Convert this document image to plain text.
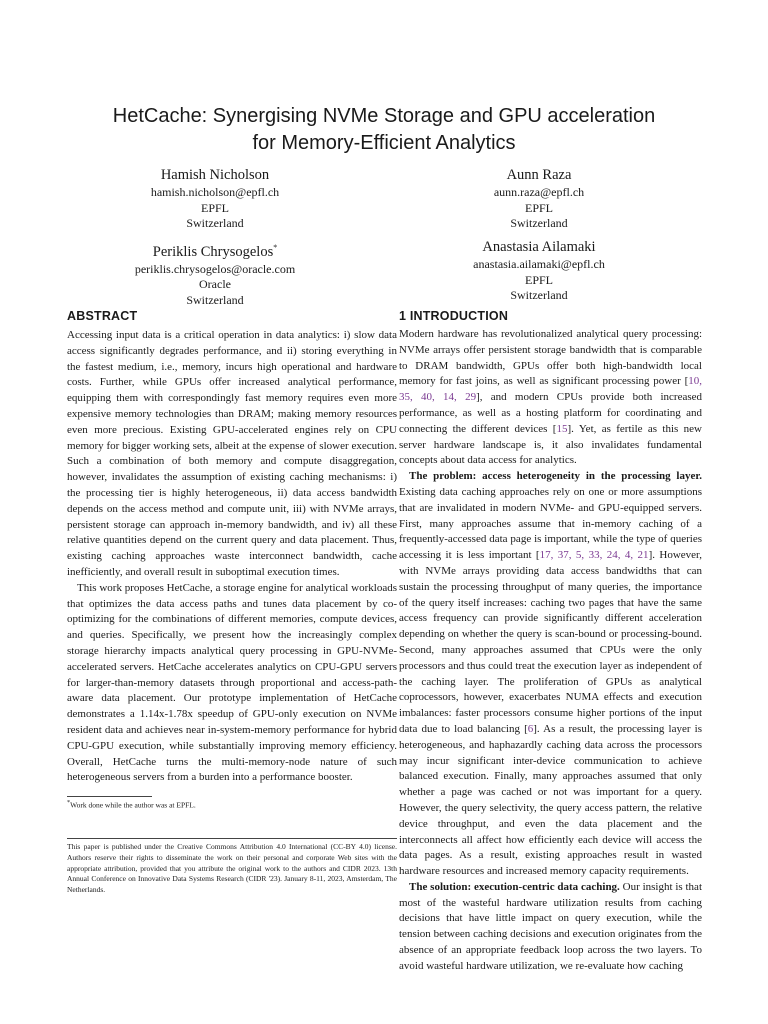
HetCache: Synergising NVMe Storage and GPU acceleration
for Memory-Efficient Analytics
Hamish Nicholson
hamish.nicholson@epfl.ch
EPFL
Switzerland
Aunn Raza
aunn.raza@epfl.ch
EPFL
Switzerland
Periklis Chrysogelos*
periklis.chrysogelos@oracle.com
Oracle
Switzerland
Anastasia Ailamaki
anastasia.ailamaki@epfl.ch
EPFL
Switzerland
ABSTRACT

Accessing input data is a critical operation in data analytics: i) slow data access significantly degrades performance, and ii) storing everything in the fastest medium, i.e., memory, incurs high operational and hardware costs. Further, while GPUs offer increased analytical performance, equipping them with correspondingly fast memory requires even more expensive memory technologies than DRAM; making memory resources even more precious. Existing GPU-accelerated engines rely on CPU memory for bigger working sets, albeit at the expense of slower execution. Such a combination of both memory and compute disaggregation, however, invalidates the assumption of existing caching mechanisms: i) the processing tier is highly heterogeneous, ii) data access bandwidth depends on the access method and compute unit, iii) with NVMe arrays, persistent storage can approach in-memory bandwidth, and iv) all these relative quantities depend on the current query and data placement. Thus, existing caching approaches waste interconnect bandwidth, cache inefficiently, and overall result in suboptimal execution times.

This work proposes HetCache, a storage engine for analytical workloads that optimizes the data access paths and tunes data placement by co-optimizing for the combinations of different memories, compute devices, and queries. Specifically, we present how the increasingly complex storage hierarchy impacts analytical query processing in GPU-NVMe-accelerated servers. HetCache accelerates analytics on CPU-GPU servers for larger-than-memory datasets through proportional and access-path-aware data placement. Our prototype implementation of HetCache demonstrates a 1.14x-1.78x speedup of GPU-only execution on NVMe resident data and achieves near in-system-memory performance for hybrid CPU-GPU execution, while substantially improving memory efficiency. Overall, HetCache turns the multi-memory-node nature of such heterogeneous servers from a burden into a performance booster.

*Work done while the author was at EPFL.
This paper is published under the Creative Commons Attribution 4.0 International (CC-BY 4.0) license. Authors reserve their rights to disseminate the work on their personal and corporate Web sites with the appropriate attribution, provided that you attribute the original work to the authors and CIDR 2023. 13th Annual Conference on Innovative Data Systems Research (CIDR '23). January 8-11, 2023, Amsterdam, The Netherlands.
1 INTRODUCTION

Modern hardware has revolutionalized analytical query processing: NVMe arrays offer persistent storage bandwidth that is comparable to DRAM bandwidth, GPUs offer both high-bandwidth local memory for fast joins, as well as significant processing power [10, 35, 40, 14, 29], and modern CPUs provide both increased performance, as well as a hosting platform for coordinating and connecting the different devices [15]. Yet, as fertile as this new server hardware landscape is, it also invalidates fundamental concepts about data access for analytics.

The problem: access heterogeneity in the processing layer. Existing data caching approaches rely on one or more assumptions that are invalidated in modern NVMe- and GPU-equipped servers. First, many approaches assume that in-memory caching of a frequently-accessed data page is important, while the type of queries accessing it is less important [17, 37, 5, 33, 24, 4, 21]. However, with NVMe arrays providing data access bandwidths that can sustain the processing throughput of many queries, the importance of the query itself increases: caching two pages that have the same access frequency can provide significantly different acceleration depending on whether the query is scan-bound or processing-bound. Second, many approaches assumed that CPUs were the only processors and thus could treat the execution layer as independent of the caching layer. The proliferation of GPUs as analytical coprocessors, however, exacerbates NUMA effects and execution imbalances: faster processors consume higher portions of the input data due to load balancing [6]. As a result, the processing layer is heterogeneous, and haphazardly caching data across the processors may incur significant inter-device communication to achieve balanced execution. Finally, many approaches assumed that only whether a page was cached or not was important for a query. However, the query selectivity, the query access pattern, the relative device throughput, and even the data placement and the interconnects all affect how efficiently each device will access the data pages. As a result, existing approaches result in wasted hardware resources and increased memory capacity requirements.

The solution: execution-centric data caching. Our insight is that most of the wasteful hardware utilization results from caching decisions that have little impact on query execution, while the tension between caching decisions and execution originates from the absence of an appropriate feedback loop across the two layers. To avoid wasteful hardware utilization, we re-evaluate how caching
